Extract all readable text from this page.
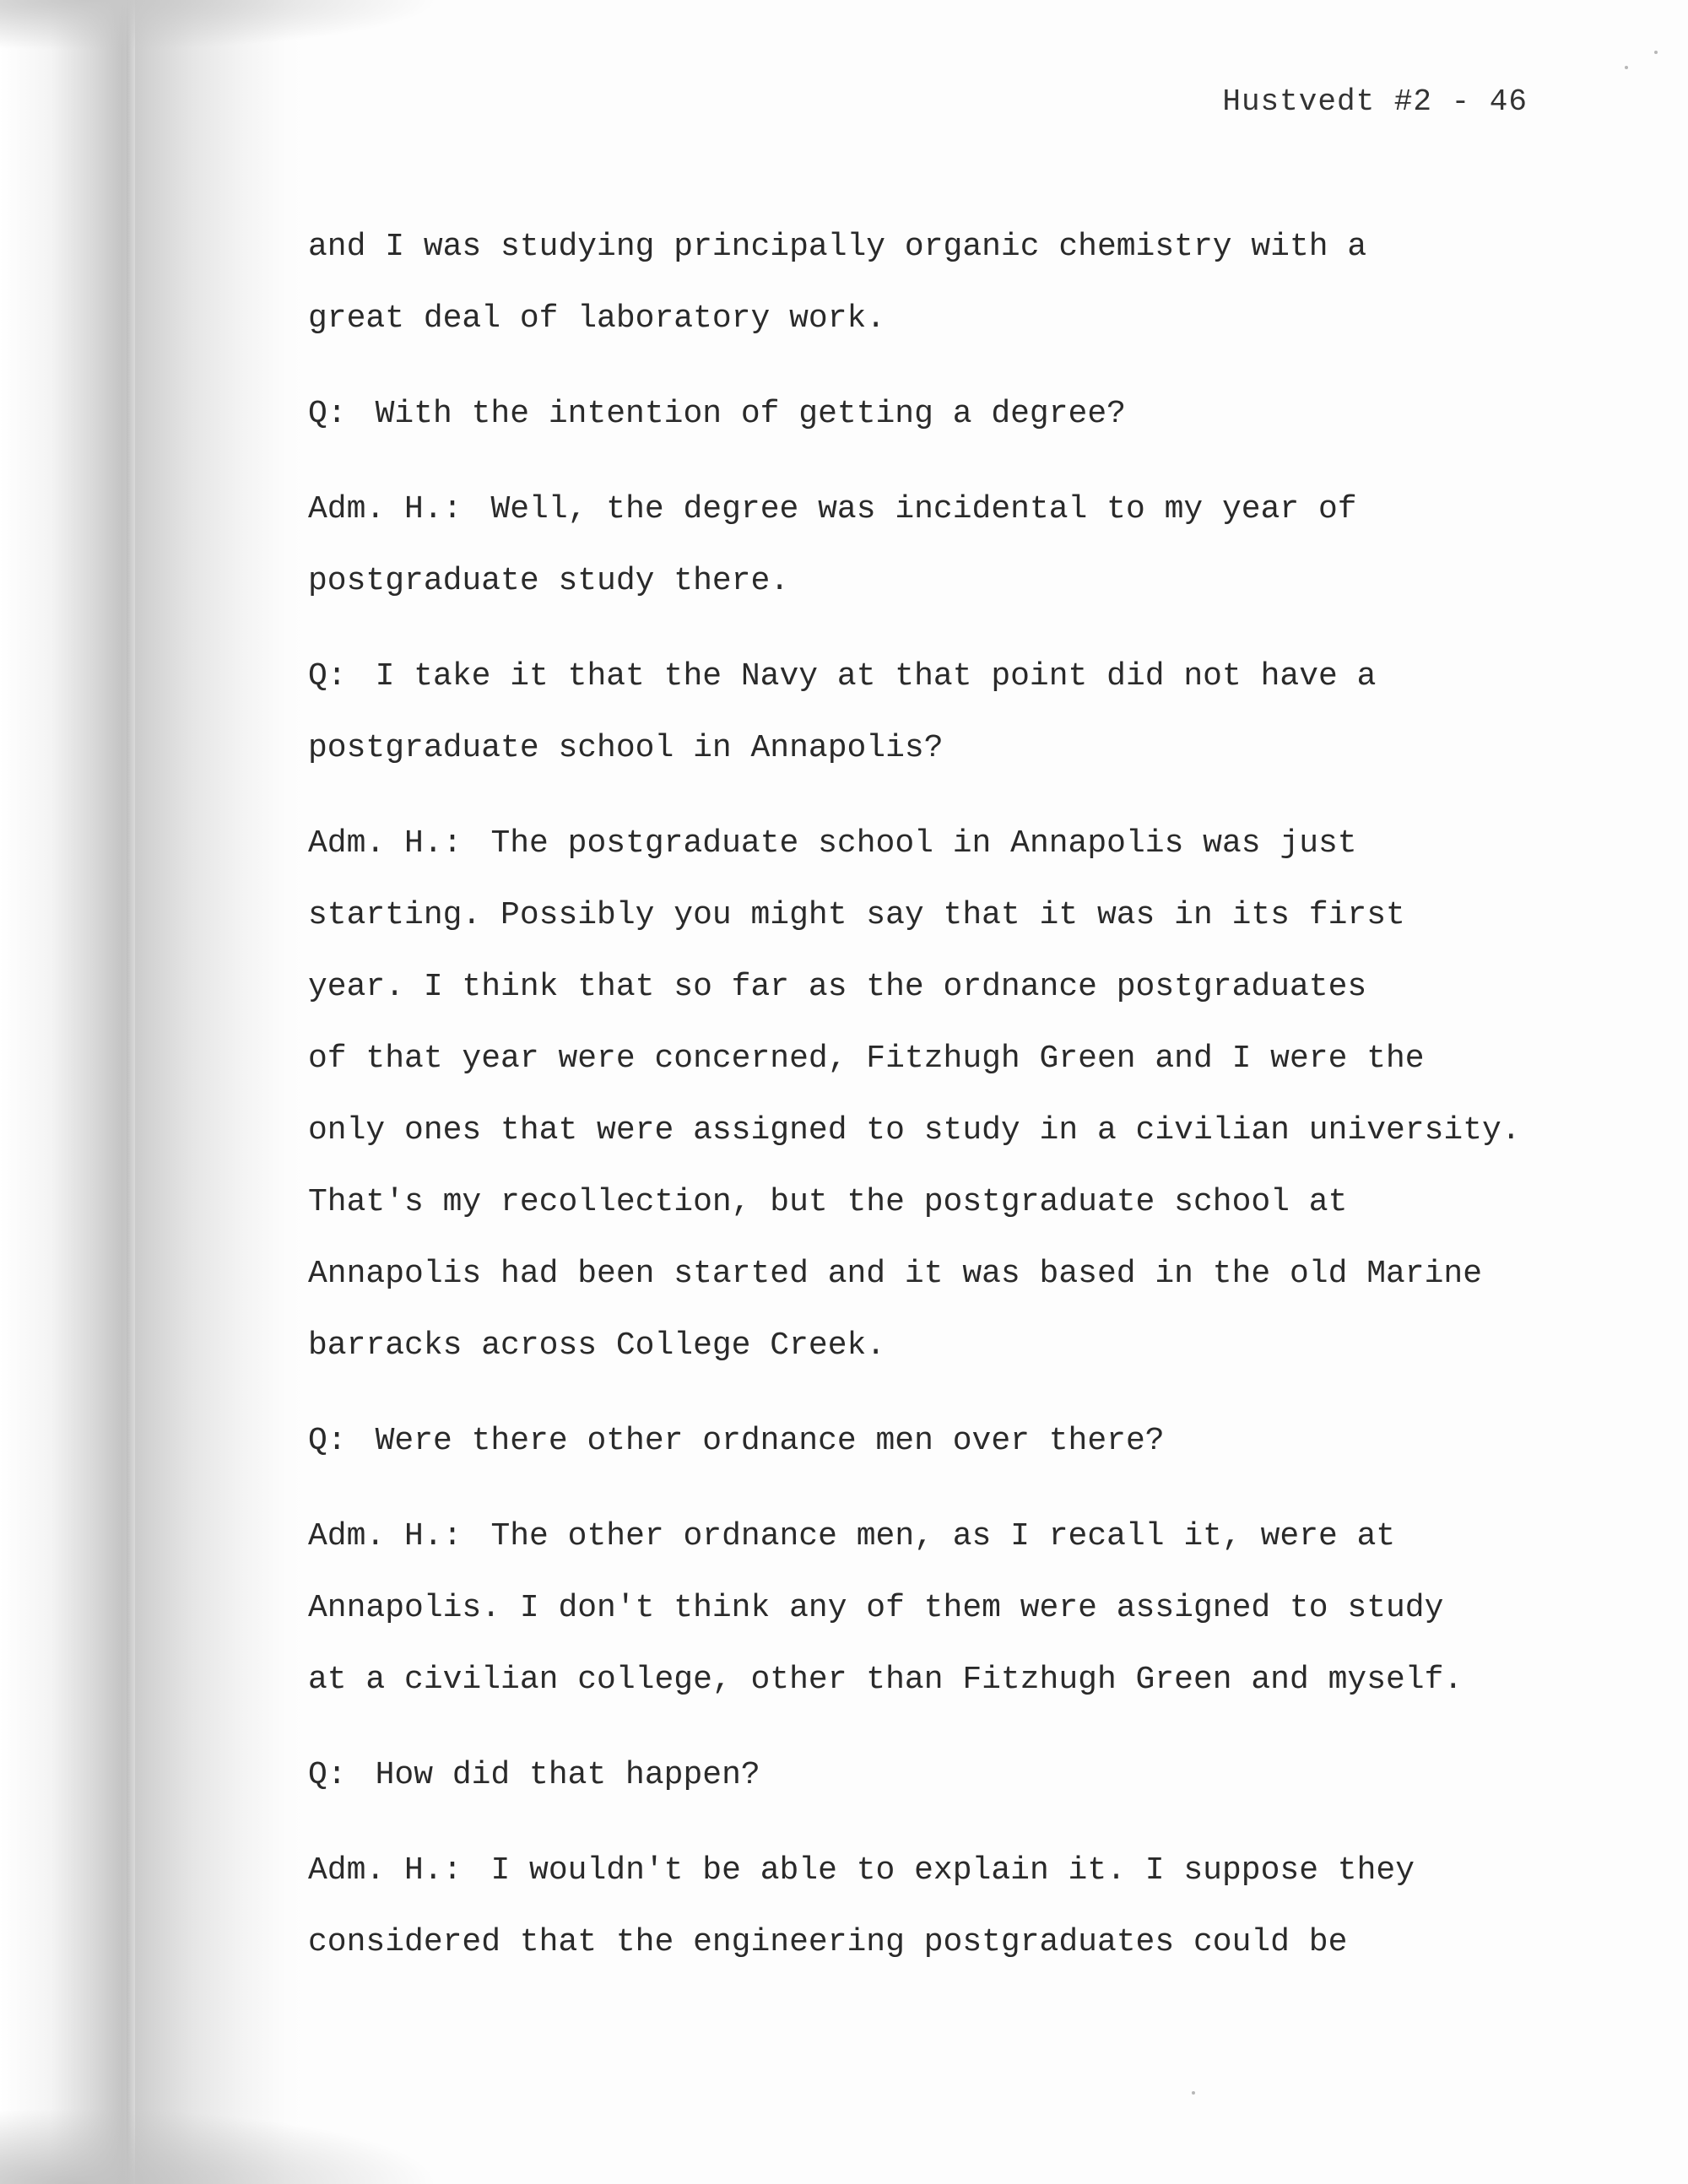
Hustvedt #2 - 46
and I was studying principally organic chemistry with a
great deal of laboratory work.
Q: With the intention of getting a degree?
Adm. H.: Well, the degree was incidental to my year of
postgraduate study there.
Q: I take it that the Navy at that point did not have a
postgraduate school in Annapolis?
Adm. H.: The postgraduate school in Annapolis was just
starting. Possibly you might say that it was in its first
year. I think that so far as the ordnance postgraduates
of that year were concerned, Fitzhugh Green and I were the
only ones that were assigned to study in a civilian university.
That's my recollection, but the postgraduate school at
Annapolis had been started and it was based in the old Marine
barracks across College Creek.
Q: Were there other ordnance men over there?
Adm. H.: The other ordnance men, as I recall it, were at
Annapolis. I don't think any of them were assigned to study
at a civilian college, other than Fitzhugh Green and myself.
Q: How did that happen?
Adm. H.: I wouldn't be able to explain it. I suppose they
considered that the engineering postgraduates could be
